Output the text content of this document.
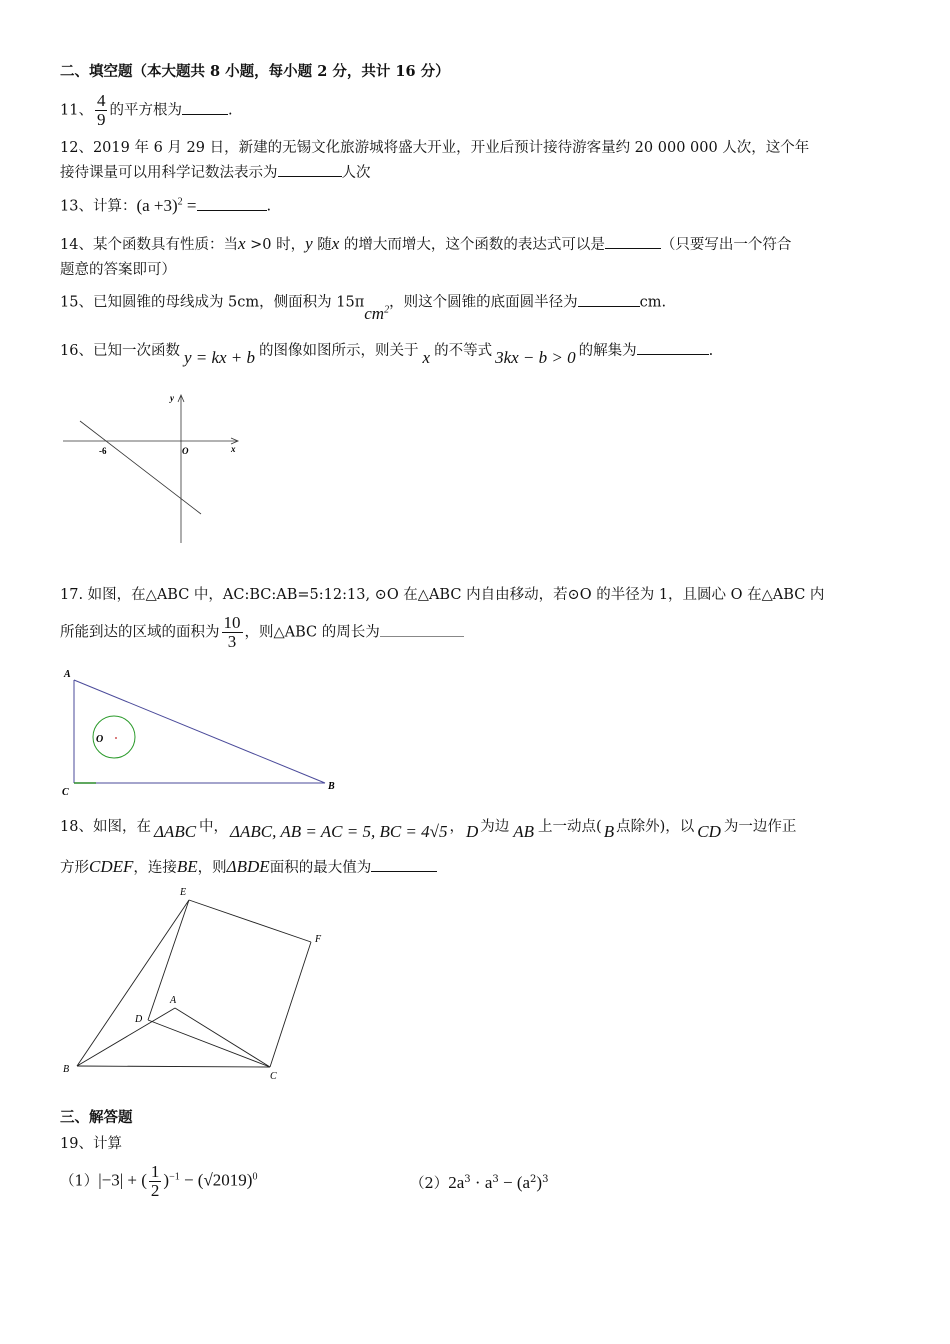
二、填空题（本大题共 8 小题，每小题 2 分，共计 16 分）
11、 $\frac{4}{9}$ 的平方根为	.
12、2019 年 6 月 29 日，新建的无锡文化旅游城将盛大开业，开业后预计接待游客量约 20 000 000 人次，这个年
接待课量可以用科学记数法表示为	人次
13、计算：$(a +3)^2$ =	.
14、某个函数具有性质：当x >0 时，y 随x 的增大而增大，这个函数的表达式可以是	（只要写出一个符合
题意的答案即可）
15、已知圆锥的母线成为 5cm，侧面积为 15πcm$^2$，则这个圆锥的底面圆半径为	cm.
16、已知一次函数 y = kx + b 的图像如图所示，则关于 x 的不等式 3kx − b > 0 的解集为	.
y
x
O
-6
17. 如图，在△ABC 中，AC:BC:AB=5:12:13, ⊙O 在△ABC 内自由移动，若⊙O 的半径为 1，且圆心 O 在△ABC 内
所能到达的区域的面积为 $\frac{10}{3}$ ，则△ABC 的周长为
A
C
B
O
18、如图，在 ΔABC 中， ΔABC, AB = AC = 5, BC = 4√5 ， D 为边 AB 上一动点( B 点除外)，以 CD 为一边作正
方形CDEF，连接BE，则ΔBDE面积的最大值为
E
F
A
D
B
C
三、解答题
19、计算
（1）|−3| + ( $\frac{1}{2} )^{-1} - (√2019)^0$	$(2)2a^3 \cdot a^3 - (a^2)^3$
